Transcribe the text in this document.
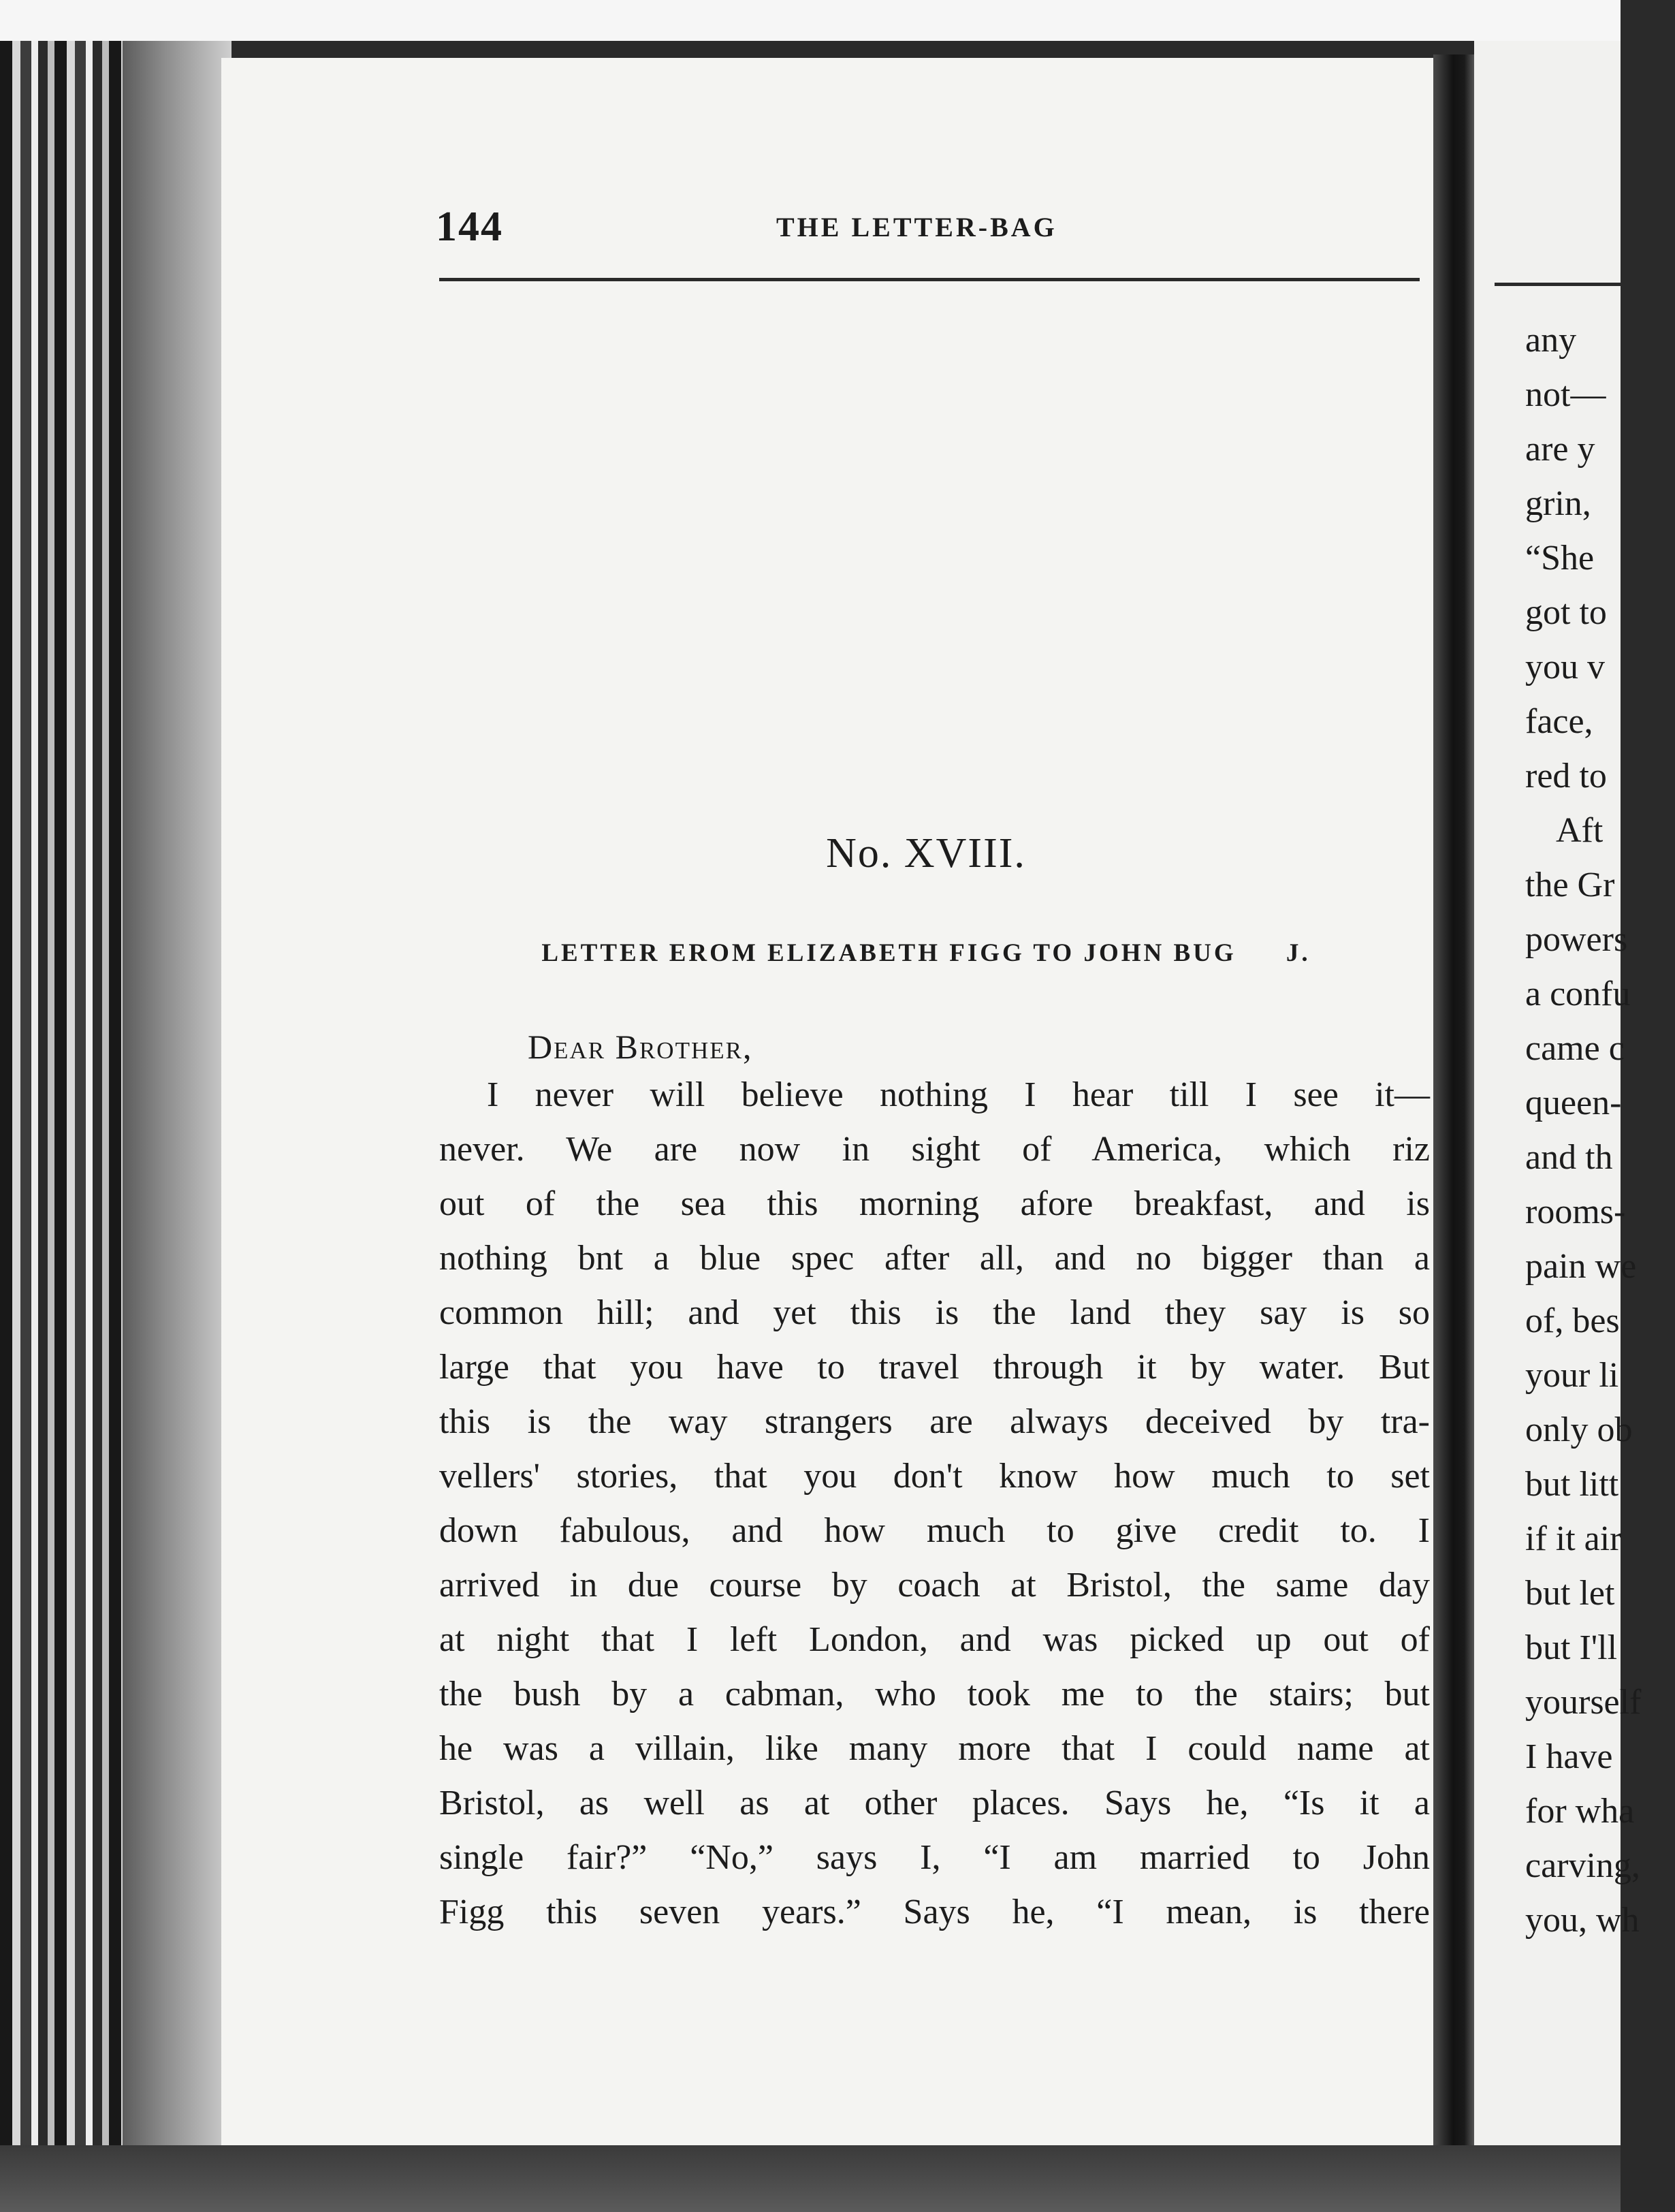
144	THE LETTER-BAG
No. XVIII.
LETTER EROM ELIZABETH FIGG TO JOHN BUG J.
Dear Brother,
I never will believe nothing I hear till I see it—
never. We are now in sight of America, which riz
out of the sea this morning afore breakfast, and is
nothing bnt a blue spec after all, and no bigger than a
common hill; and yet this is the land they say is so
large that you have to travel through it by water. But
this is the way strangers are always deceived by tra-
vellers' stories, that you don't know how much to set
down fabulous, and how much to give credit to. I
arrived in due course by coach at Bristol, the same day
at night that I left London, and was picked up out of
the bush by a cabman, who took me to the stairs; but
he was a villain, like many more that I could name at
Bristol, as well as at other places. Says he, “Is it a
single fair?” “No,” says I, “I am married to John
Figg this seven years.” Says he, “I mean, is there
any
not—
are y
grin,
“She
got to
you v
face,
red to
Aft
the Gr
powers
a confu
came c
queen-
and th
rooms-
pain we
of, bes
your li
only ob
but litt
if it air
but let
but I'll
yourself
I have
for wha
carving,
you, wh
